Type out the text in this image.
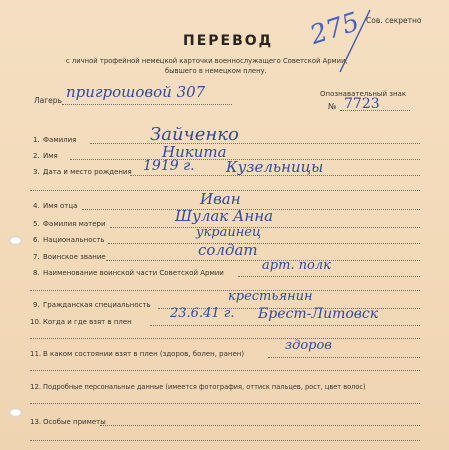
275 Сов. секретно
ПЕРЕВОД
с личной трофейной немецкой карточки военнослужащего Советской Армии,
бывшего в немецком плену.
Лагерь пригрошовой 307	Опознавательный знак
№ 7723
1. Фамилия	Зайченко
2. Имя	Никита
3. Дата и место рождения 1919 г. Кузельницы
4. Имя отца	Иван
5. Фамилия матери	Шулак Анна
6. Национальность	украинец
7. Воинское звание	солдат
8. Наименование воинской части Советской Армии	арт. полк
9. Гражданская специальность
крестьянин
10. Когда и где взят в плен
23.6.41 г. Брест-Литовск
11. В каком состоянии взят в плен (здоров, болен, ранен)
здоров
12. Подробные персональные данные (имеется фотография, оттиск пальцев, рост, цвет волос)
13. Особые приметы
